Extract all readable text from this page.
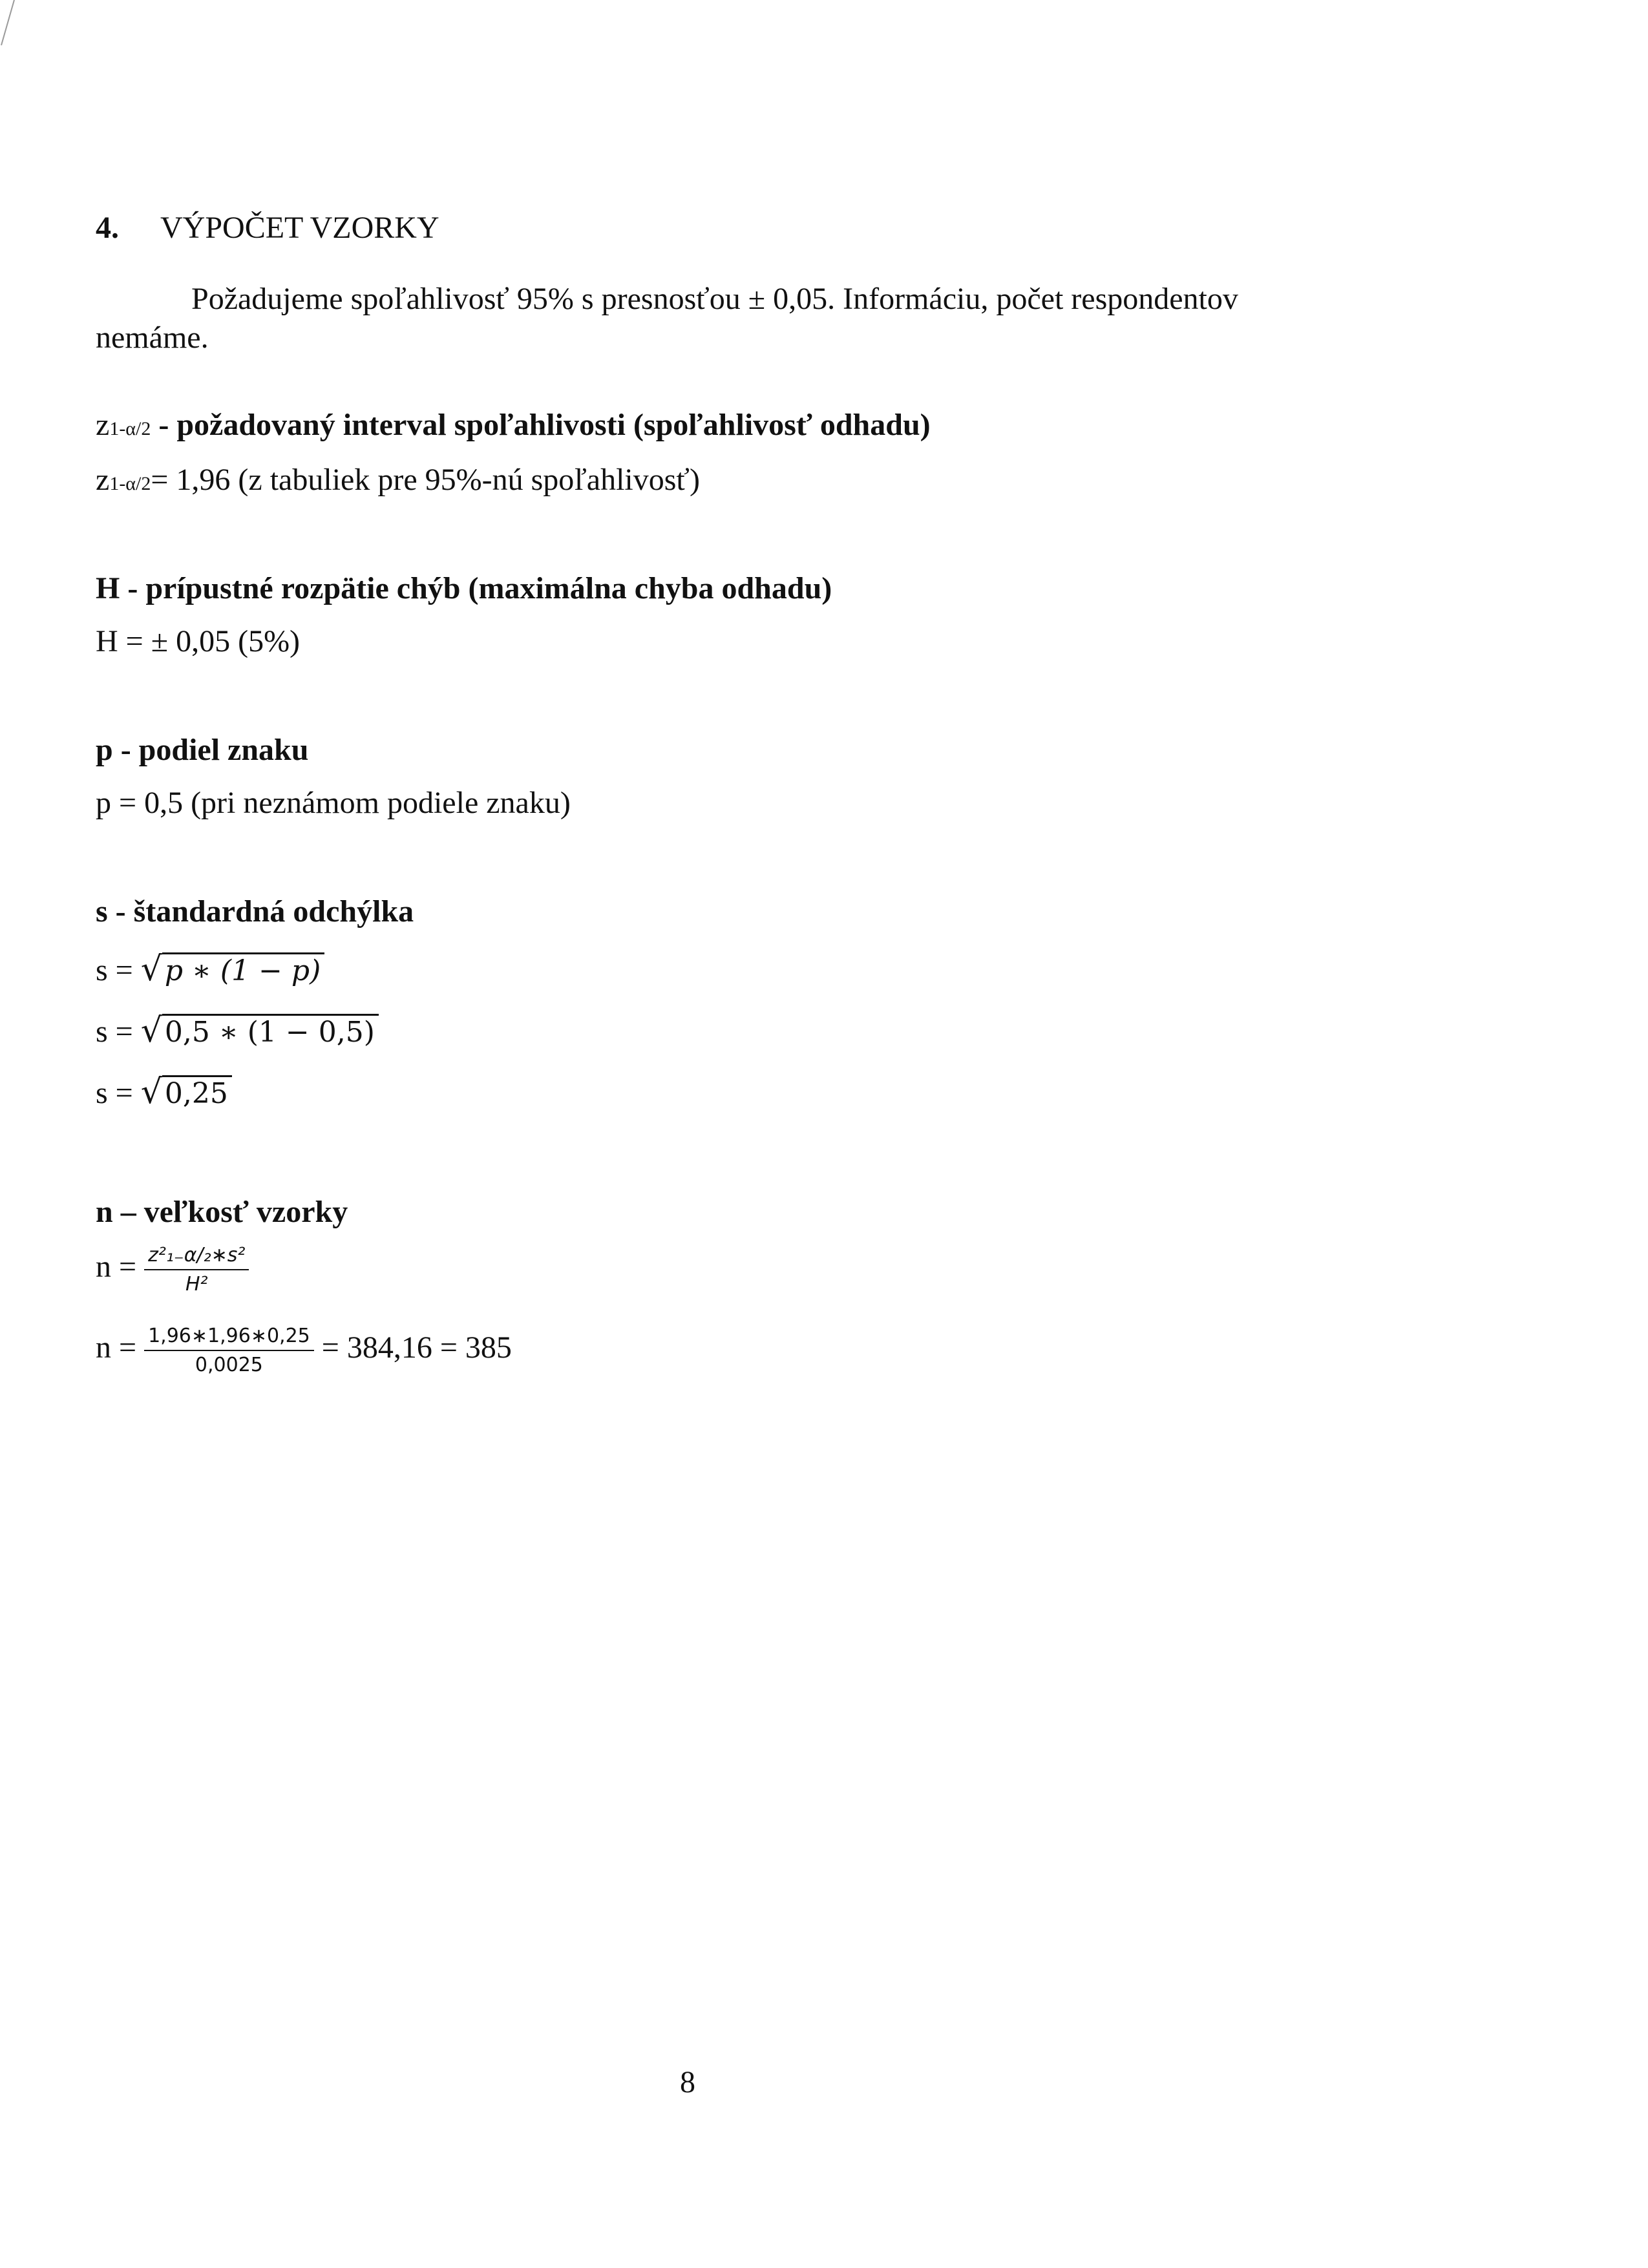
4. VÝPOČET VZORKY
Požadujeme spoľahlivosť 95% s presnosťou ± 0,05. Informáciu, počet respondentov
nemáme.
z1-α/2 - požadovaný interval spoľahlivosti (spoľahlivosť odhadu)
z1-α/2= 1,96 (z tabuliek pre 95%-nú spoľahlivosť)
H - prípustné rozpätie chýb (maximálna chyba odhadu)
H = ± 0,05 (5%)
p - podiel znaku
p = 0,5 (pri neznámom podiele znaku)
s - štandardná odchýlka
s = √p ∗ (1 − p)
s = √0,5 ∗ (1 − 0,5)
s = √0,25
n – veľkosť vzorky
$n = \frac{\text{z²₁₋α/₂∗s²}}{\text{H²}}$
$n = \frac{1,96∗1,96∗0,25}{0,0025} = 384,16 = 385$
8
